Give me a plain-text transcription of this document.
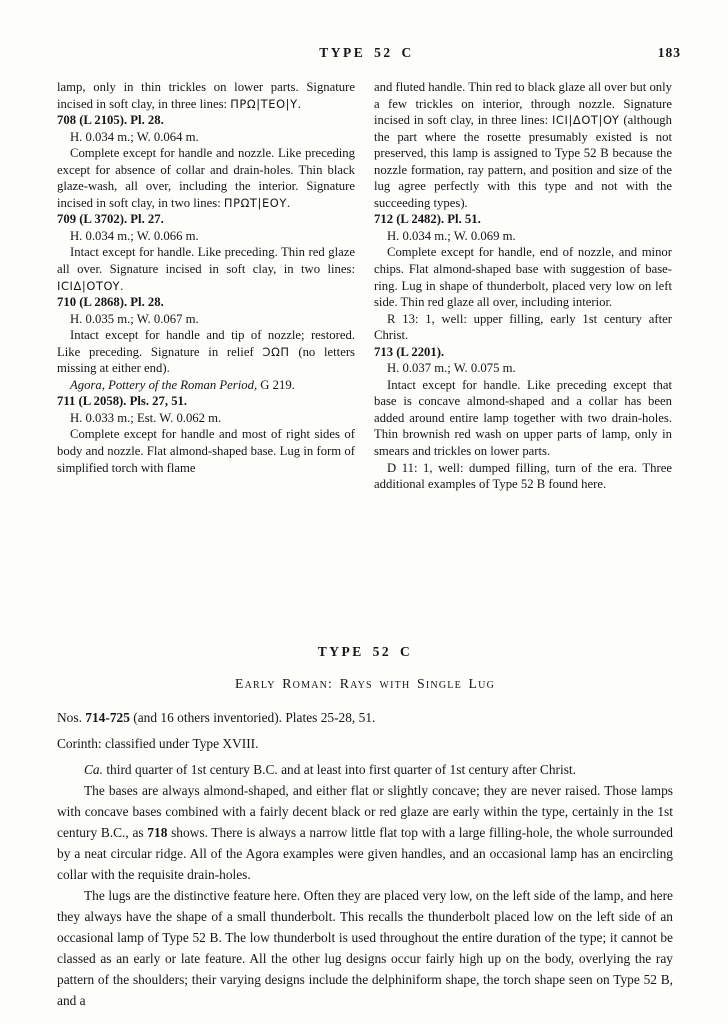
TYPE 52 C	183

lamp, only in thin trickles on lower parts. Signature incised in soft clay, in three lines: ΠΡΩ|ΤΕΟ|Υ.

708 (L 2105). Pl. 28.

H. 0.034 m.; W. 0.064 m.

Complete except for handle and nozzle. Like preceding except for absence of collar and drain-holes. Thin black glaze-wash, all over, including the interior. Signature incised in soft clay, in two lines: ΠΡΩΤ|ΕΟΥ.

709 (L 3702). Pl. 27.

H. 0.034 m.; W. 0.066 m.

Intact except for handle. Like preceding. Thin red glaze all over. Signature incised in soft clay, in two lines: ICIΔ|OTOY.

710 (L 2868). Pl. 28.

H. 0.035 m.; W. 0.067 m.

Intact except for handle and tip of nozzle; restored. Like preceding. Signature in relief ƆΩΠ (no letters missing at either end).

Agora, Pottery of the Roman Period, G 219.

711 (L 2058). Pls. 27, 51.

H. 0.033 m.; Est. W. 0.062 m.

Complete except for handle and most of right sides of body and nozzle. Flat almond-shaped base. Lug in form of simplified torch with flame

and fluted handle. Thin red to black glaze all over but only a few trickles on interior, through nozzle. Signature incised in soft clay, in three lines: ICI|ΔΟΤ|OY (although the part where the rosette presumably existed is not preserved, this lamp is assigned to Type 52 B because the nozzle formation, ray pattern, and position and size of the lug agree perfectly with this type and not with the succeeding types).

712 (L 2482). Pl. 51.

H. 0.034 m.; W. 0.069 m.

Complete except for handle, end of nozzle, and minor chips. Flat almond-shaped base with suggestion of base-ring. Lug in shape of thunderbolt, placed very low on left side. Thin red glaze all over, including interior.

R 13: 1, well: upper filling, early 1st century after Christ.

713 (L 2201).

H. 0.037 m.; W. 0.075 m.

Intact except for handle. Like preceding except that base is concave almond-shaped and a collar has been added around entire lamp together with two drain-holes. Thin brownish red wash on upper parts of lamp, only in smears and trickles on lower parts.

D 11: 1, well: dumped filling, turn of the era. Three additional examples of Type 52 B found here.

TYPE 52 C

Early Roman: Rays with Single Lug

Nos. 714-725 (and 16 others inventoried). Plates 25-28, 51.

Corinth: classified under Type XVIII.

Ca. third quarter of 1st century B.C. and at least into first quarter of 1st century after Christ.

The bases are always almond-shaped, and either flat or slightly concave; they are never raised. Those lamps with concave bases combined with a fairly decent black or red glaze are early within the type, certainly in the 1st century B.C., as 718 shows. There is always a narrow little flat top with a large filling-hole, the whole surrounded by a neat circular ridge. All of the Agora examples were given handles, and an occasional lamp has an encircling collar with the requisite drain-holes.

The lugs are the distinctive feature here. Often they are placed very low, on the left side of the lamp, and here they always have the shape of a small thunderbolt. This recalls the thunderbolt placed low on the left side of an occasional lamp of Type 52 B. The low thunderbolt is used throughout the entire duration of the type; it cannot be classed as an early or late feature. All the other lug designs occur fairly high up on the body, overlying the ray pattern of the shoulders; their varying designs include the delphiniform shape, the torch shape seen on Type 52 B, and a
